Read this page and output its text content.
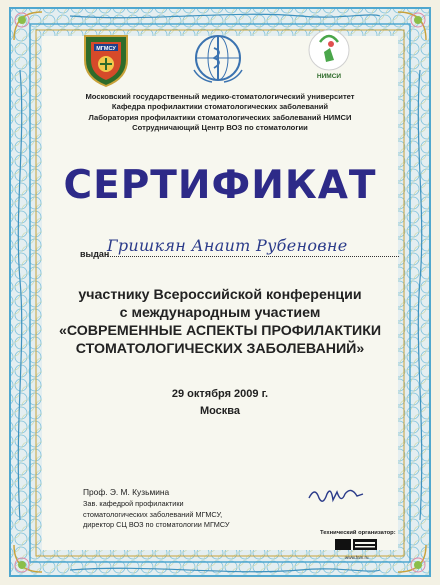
МГМСУ
НИМСИ
Московский государственный медико-стоматологический университет
Кафедра профилактики стоматологических заболеваний
Лаборатория профилактики стоматологических заболеваний НИМСИ
Сотрудничающий Центр ВОЗ по стоматологии
СЕРТИФИКАТ
выдан
Гришкян Анаит Рубеновне
участнику Всероссийской конференции
с международным участием
«СОВРЕМЕННЫЕ АСПЕКТЫ ПРОФИЛАКТИКИ
СТОМАТОЛОГИЧЕСКИХ ЗАБОЛЕВАНИЙ»
29 октября 2009 г.
Москва
Проф. Э. М. Кузьмина
Зав. кафедрой профилактики
стоматологических заболеваний МГМСУ,
директор СЦ ВОЗ по стоматологии МГМСУ
Технический организатор:
www.fnm.ru
